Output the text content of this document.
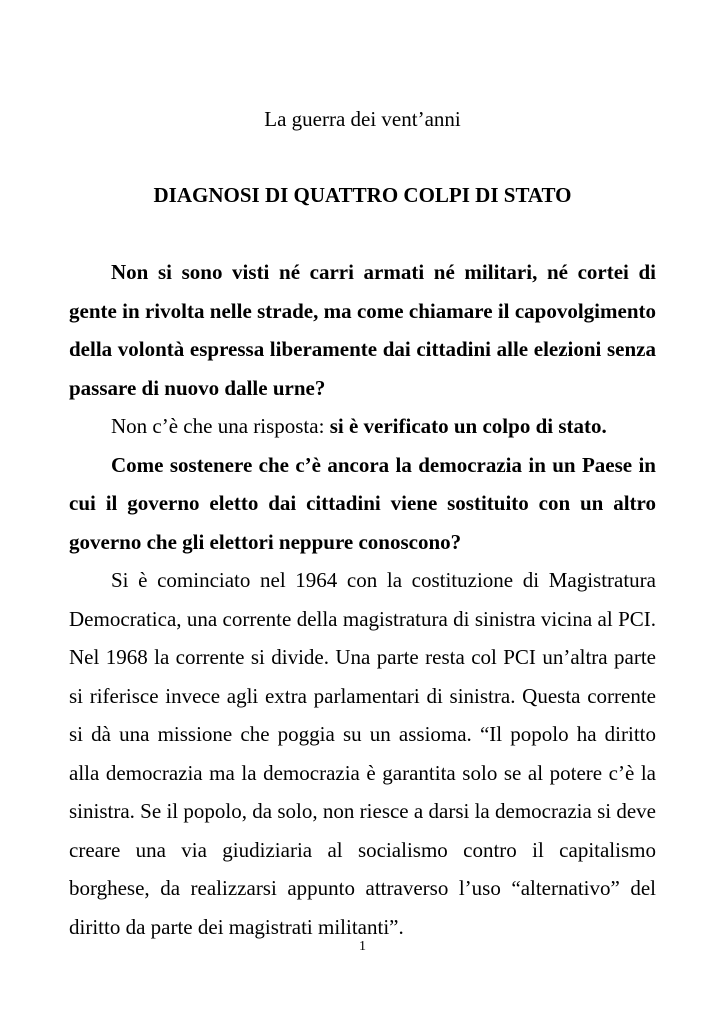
La guerra dei vent’anni
DIAGNOSI DI QUATTRO COLPI DI STATO

Non si sono visti né carri armati né militari, né cortei di gente in rivolta nelle strade, ma come chiamare il capovolgimento della volontà espressa liberamente dai cittadini alle elezioni senza passare di nuovo dalle urne?

Non c’è che una risposta: si è verificato un colpo di stato.

Come sostenere che c’è ancora la democrazia in un Paese in cui il governo eletto dai cittadini viene sostituito con un altro governo che gli elettori neppure conoscono?

Si è cominciato nel 1964 con la costituzione di Magistratura Democratica, una corrente della magistratura di sinistra vicina al PCI. Nel 1968 la corrente si divide. Una parte resta col PCI un’altra parte si riferisce invece agli extra parlamentari di sinistra. Questa corrente si dà una missione che poggia su un assioma. “Il popolo ha diritto alla democrazia ma la democrazia è garantita solo se al potere c’è la sinistra. Se il popolo, da solo, non riesce a darsi la democrazia si deve creare una via giudiziaria al socialismo contro il capitalismo borghese, da realizzarsi appunto attraverso l’uso “alternativo” del diritto da parte dei magistrati militanti”.

1
